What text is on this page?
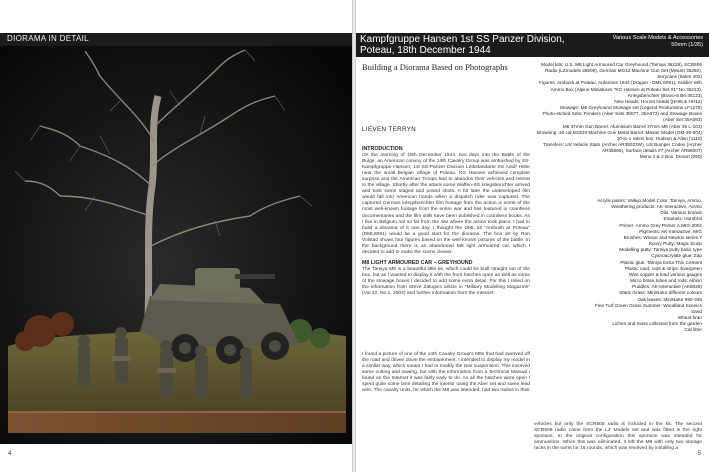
DIORAMA IN DETAIL
4
Kampfgruppe Hansen 1st SS Panzer Division, Poteau, 18th December 1944
Various Scale Models & Accessories
50mm (1/35)
Building a Diorama Based on Photographs
LIEVEN TERRYN
INTRODUCTION

On the morning of 18th December 1944, two days into the Battle of the Bulge, an American convoy of the 14th Cavalry Group was ambushed by SS-Kampfgruppe Hansen, 1st SS-Panzer Division Leibstandarte SS Adolf Hitler near the small Belgian village of Poteau. KG Hansen achieved complete surprise and the American Troops had to abandon their vehicles and retreat to the village. Shortly after the attack some Waffen-SS kriegsberichter arrived and took some staged and posed shots. A bit later the undeveloped film would fall into American hands when a dispatch rider was captured. The captured German kriegsberichter film footage from the action is some of the most well-known footage from the entire war and has featured in countless documentaries and the film stills have been published in countless books. As I live in Belgium not so far from the site where the action took place, I had to build a diorama of it one day. I thought the DML kit "Ambush at Poteau" (DML6091) would be a good start for the diorama. The box art by Ron Volstad shows four figures based on the well-known pictures of the battle. In the background there is an abandoned M8 light armoured car, which I decided to add to make the scene clearer.

M8 LIGHT ARMOURED CAR – GREYHOUND

The Tamiya M8 is a beautiful little kit, which could be built straight out of the box, but as I wanted to display it with the front hatches open as well as some of the stowage boxes I decided to add some extra detail. For this I relied on the information from Steve Zaloga's article in "Military Modelling Magazine" (Vol.32, No.1, 2002) and further information from the Internet.

I found a picture of one of the 14th Cavalry Group's M8s that had swerved off the road and driven down the embankment. I intended to display my model in a similar way, which meant I had to modify the rear suspension. This involved some cutting and sawing, but with the information from a Technical Manual I found on the Internet it was fairly easy to do. As all the hatches were open I spent quite some time detailing the interior using the Aber set and some lead wire. The cavalry units, for which the M8 was intended, had two radios in their

Model kits: U.S. M8 Light Armoured Car Greyhound (Tamiya 35228), SCR506 Radio (LZmodels 35500), German MG42 Machine Gun Set (Miniart 35250), Jerrycans (Italeri 402)
Figures: Ambush at Poteau, Ardennes 1944 (Dragon - DML 6091), Soldier with Ammo Box (Alpine Miniatures "KG Hansen at Poteau Set #1" No.35213), Kriegsberichter (Bravo-6 B6-35123)
New Heads: Hornet heads (HHI5 & HH12)
Stowage: M8 Greyhound Stowage set (Legend Productions LF1275)
Photo-etched Sets: Fenders (Aber Sets 35077, 35A072) and Stowage Boxes (Aber Set 35A083)
M6 37mm Gun Barrel: Aluminium Barrel 37mm M6 (Aber 35 L-103)
Browning .30 cal M1919 Machine Gun Metal Barrel: Master Model (GM-35-004)
10-in-1 ration box: Hudson & Allen (1110)
Transfers: US Vehicle Stars (Archer AR35023W), US Bumper Codes (Archer AR35066), Surface details #7 (Archer AR88007)
Menu 1 & 2 Box: Diorart (050)
Acrylic paints: Vallejo Model Color, Tamiya, Ammo,
Weathering products: AK-Interactive, Ammo
Oils: Various brands
Enamels: Humbrol
Primer: Ammo Grey Primer A.MIG-2002
Pigments: AK-Interactive, MIG
Brushes: Winsor and Newton series 7
Epoxy Putty: Magic Sculp
Modelling putty: Tamiya putty basic type
Cyanoacrylate glue: Zap
Plastic glue: Tamiya Extra Thin Cement
Plastic card, rods & strips: Evergreen
Wire copper & lead various gauges
Micro brass tubes and rods: Albion
Puddles: AK-Interactive (AK8028)
Static Grass: MiniNatur different colours
Oak leaves: MiniNatur 980-345
Fine Turf Green Grass Summer: Woodland Scenics
Sand
Wheat bran
Lichen and moss collected from the garden
Cat litter

vehicles but only the SCR508 radio is included in the kit. The second SCR506 radio came from the LZ Models set and was fitted in the right sponson. In the original configuration this sponson was intended for ammunition. When this was eliminated, it left the M8 with only two storage racks in the turret for 16 rounds, which was resolved by installing a

5
